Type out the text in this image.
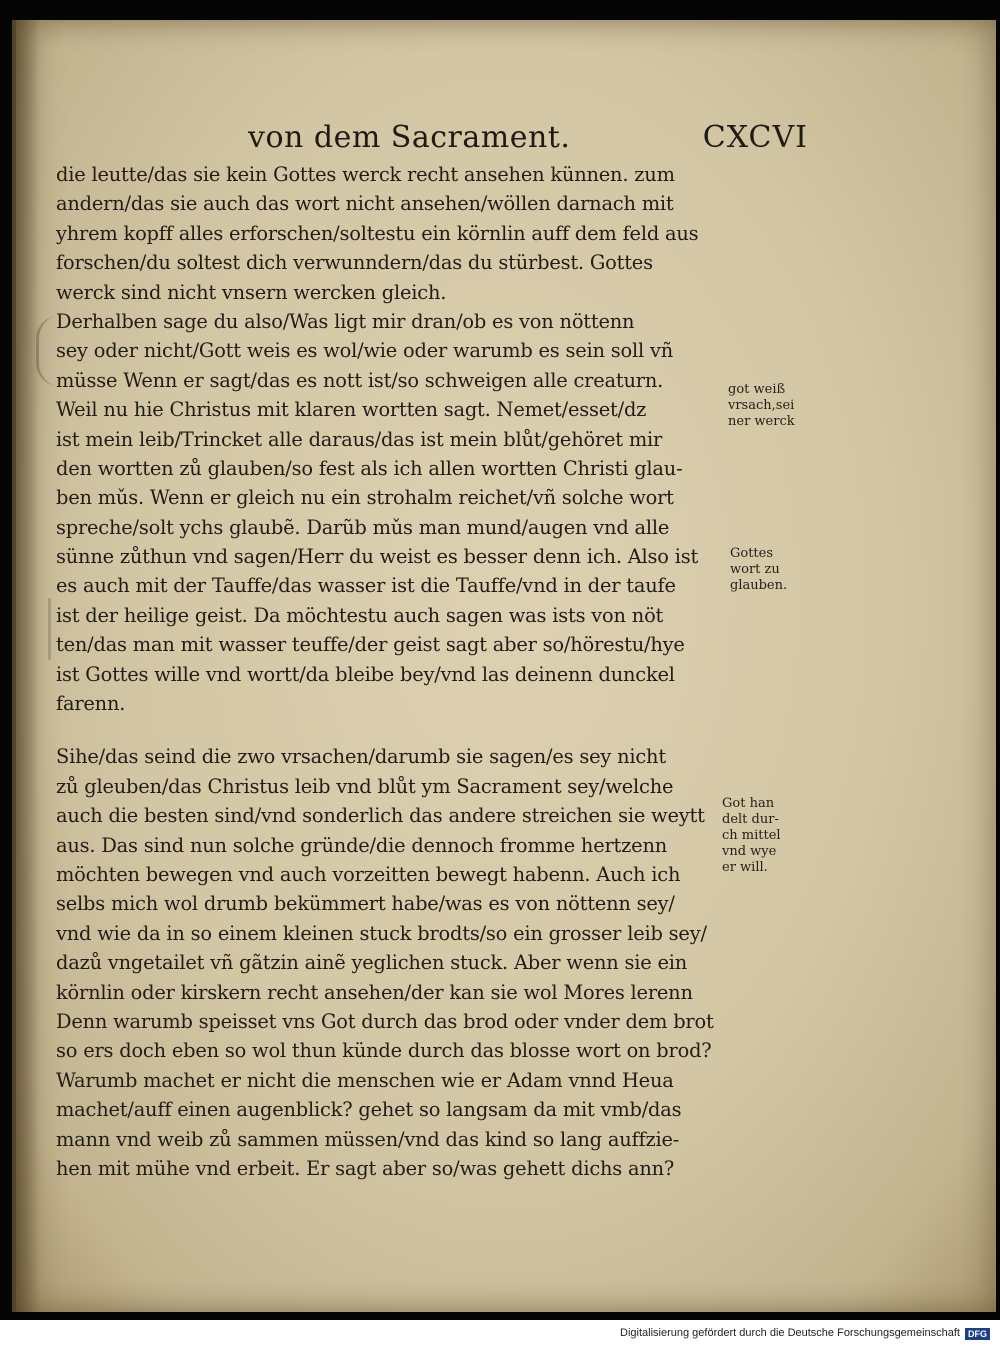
von dem Sacrament.	CXCVI
die leutte/das sie kein Gottes werck recht ansehen künnen. zum
andern/das sie auch das wort nicht ansehen/wöllen darnach mit
yhrem kopff alles erforschen/soltestu ein körnlin auff dem feld aus
forschen/du soltest dich verwunndern/das du stürbest. Gottes
werck sind nicht vnsern wercken gleich.
Derhalben sage du also/Was ligt mir dran/ob es von nöttenn
sey oder nicht/Gott weis es wol/wie oder warumb es sein soll vñ
müsse Wenn er sagt/das es nott ist/so schweigen alle creaturn.
Weil nu hie Christus mit klaren wortten sagt. Nemet/esset/dz
ist mein leib/Trincket alle daraus/das ist mein blůt/gehöret mir
den wortten zů glauben/so fest als ich allen wortten Christi glau-
ben mǔs. Wenn er gleich nu ein strohalm reichet/vñ solche wort
spreche/solt ychs glaubẽ. Darũb mǔs man mund/augen vnd alle
sünne zůthun vnd sagen/Herr du weist es besser denn ich. Also ist
es auch mit der Tauffe/das wasser ist die Tauffe/vnd in der taufe
ist der heilige geist. Da möchtestu auch sagen was ists von nöt
ten/das man mit wasser teuffe/der geist sagt aber so/hörestu/hye
ist Gottes wille vnd wortt/da bleibe bey/vnd las deinenn dunckel
farenn.
Sihe/das seind die zwo vrsachen/darumb sie sagen/es sey nicht
zů gleuben/das Christus leib vnd blůt ym Sacrament sey/welche
auch die besten sind/vnd sonderlich das andere streichen sie weytt
aus. Das sind nun solche gründe/die dennoch fromme hertzenn
möchten bewegen vnd auch vorzeitten bewegt habenn. Auch ich
selbs mich wol drumb bekümmert habe/was es von nöttenn sey/
vnd wie da in so einem kleinen stuck brodts/so ein grosser leib sey/
dazů vngetailet vñ gãtzin ainẽ yeglichen stuck. Aber wenn sie ein
körnlin oder kirskern recht ansehen/der kan sie wol Mores lerenn
Denn warumb speisset vns Got durch das brod oder vnder dem brot
so ers doch eben so wol thun künde durch das blosse wort on brod?
Warumb machet er nicht die menschen wie er Adam vnnd Heua
machet/auff einen augenblick? gehet so langsam da mit vmb/das
mann vnd weib zů sammen müssen/vnd das kind so lang auffzie-
hen mit mühe vnd erbeit. Er sagt aber so/was gehett dichs ann?
got weiß
vrsach,sei
ner werck
Gottes
wort zu
glauben.
Got han
delt dur-
ch mittel
vnd wye
er will.
Digitalisierung gefördert durch die Deutsche Forschungsgemeinschaft DFG
